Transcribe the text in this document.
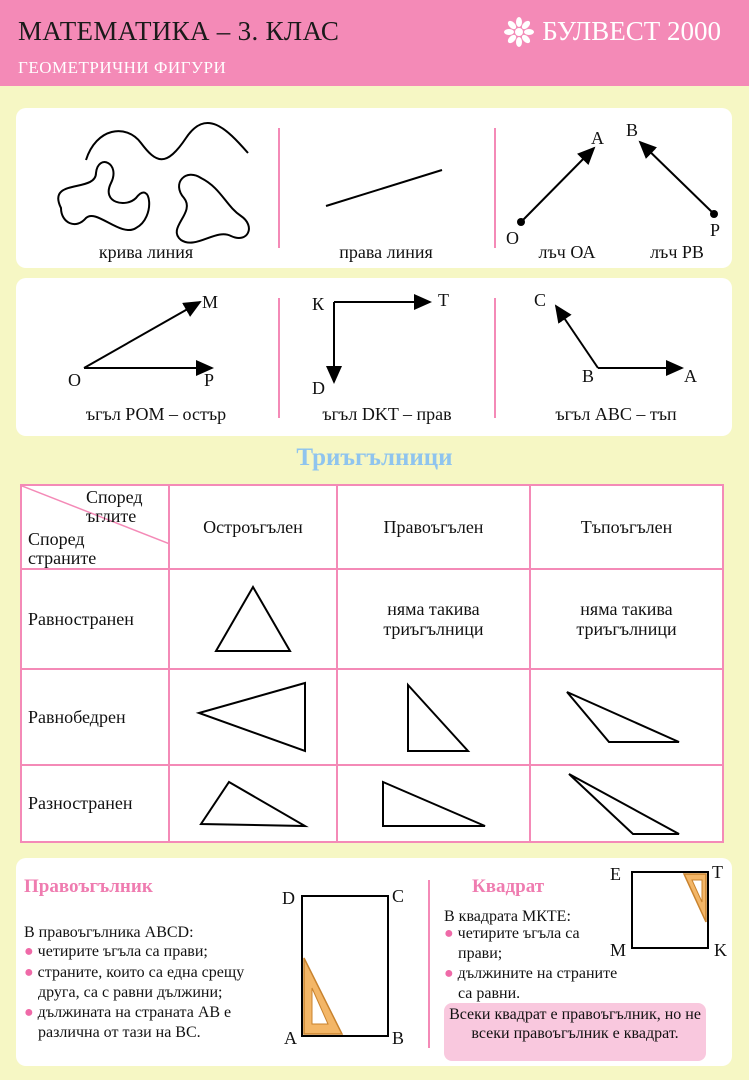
МАТЕМАТИКА – 3. КЛАС
ГЕОМЕТРИЧНИ ФИГУРИ
БУЛВЕСТ 2000
крива линия	права линия
А
О
В
Р
лъч ОА	лъч РВ
М
О	Р
ъгъл РОМ – остър
К	Т
D
ъгъл DKT – прав
С
В	А
ъгъл АВС – тъп
Триъгълници
Според ъглите
Според страните	Остроъгълен	Правоъгълен	Тъпоъгълен
Равностранен		няма такива триъгълници	няма такива триъгълници

Равнобедрен	

Разностранен	

Правоъгълник
В правоъгълника ABCD:
● четирите ъгъла са прави;
● страните, които са една срещу
друга, са с равни дължини;
● дължината на страната АВ е
различна от тази на ВС.
D	C
A	B
Квадрат
В квадрата МКТЕ:
● четирите ъгъла са
прави;
● дължините на страните
са равни.
E	T
M	K
Всеки квадрат е правоъгълник, но не всеки правоъгълник е квадрат.
